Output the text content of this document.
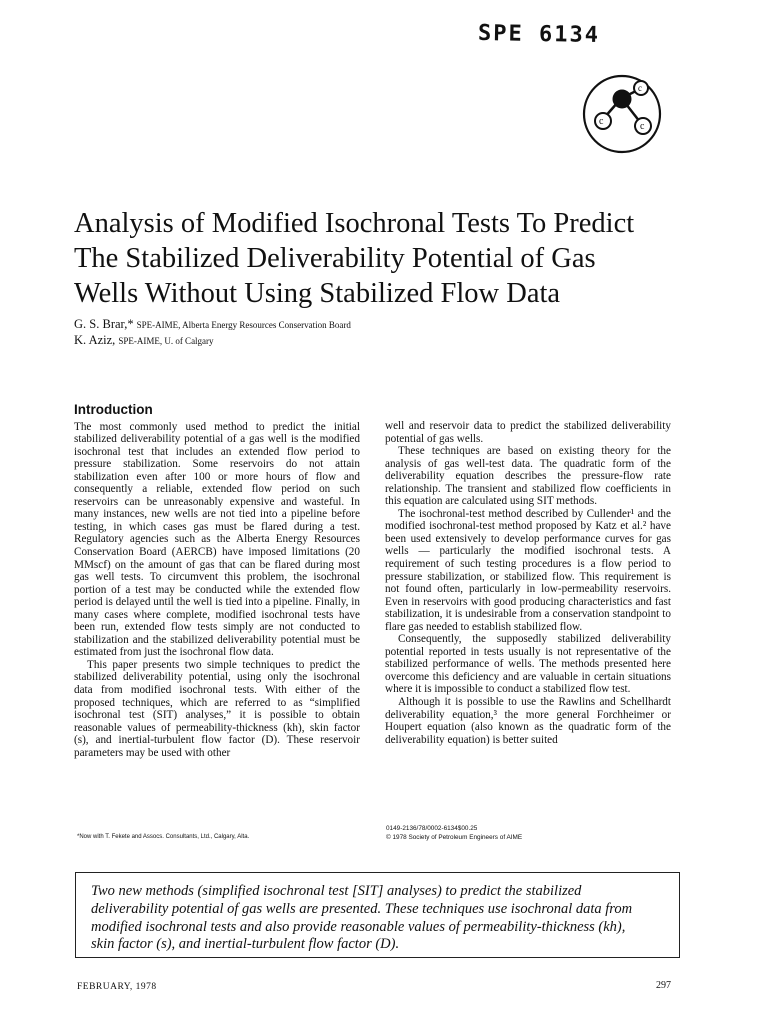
SPE 6134
c
c	c
Analysis of Modified Isochronal Tests To Predict
The Stabilized Deliverability Potential of Gas
Wells Without Using Stabilized Flow Data
G. S. Brar,* SPE-AIME, Alberta Energy Resources Conservation Board
K. Aziz, SPE-AIME, U. of Calgary
Introduction

The most commonly used method to predict the initial stabilized deliverability potential of a gas well is the modified isochronal test that includes an extended flow period to pressure stabilization. Some reservoirs do not attain stabilization even after 100 or more hours of flow and consequently a reliable, extended flow period on such reservoirs can be unreasonably expensive and wasteful. In many instances, new wells are not tied into a pipeline before testing, in which cases gas must be flared during a test. Regulatory agencies such as the Alberta Energy Resources Conservation Board (AERCB) have imposed limitations (20 MMscf) on the amount of gas that can be flared during most gas well tests. To circumvent this problem, the isochronal portion of a test may be conducted while the extended flow period is delayed until the well is tied into a pipeline. Finally, in many cases where complete, modified isochronal tests have been run, extended flow tests simply are not conducted to stabilization and the stabilized deliverability potential must be estimated from just the isochronal flow data.

This paper presents two simple techniques to predict the stabilized deliverability potential, using only the isochronal data from modified isochronal tests. With either of the proposed techniques, which are referred to as “simplified isochronal test (SIT) analyses,” it is possible to obtain reasonable values of permeability-thickness (kh), skin factor (s), and inertial-turbulent flow factor (D). These reservoir parameters may be used with other

well and reservoir data to predict the stabilized deliverability potential of gas wells.

These techniques are based on existing theory for the analysis of gas well-test data. The quadratic form of the deliverability equation describes the pressure-flow rate relationship. The transient and stabilized flow coefficients in this equation are calculated using SIT methods.

The isochronal-test method described by Cullender¹ and the modified isochronal-test method proposed by Katz et al.² have been used extensively to develop performance curves for gas wells — particularly the modified isochronal tests. A requirement of such testing procedures is a flow period to pressure stabilization, or stabilized flow. This requirement is not found often, particularly in low-permeability reservoirs. Even in reservoirs with good producing characteristics and fast stabilization, it is undesirable from a conservation standpoint to flare gas needed to establish stabilized flow.

Consequently, the supposedly stabilized deliverability potential reported in tests usually is not representative of the stabilized performance of wells. The methods presented here overcome this deficiency and are valuable in certain situations where it is impossible to conduct a stabilized flow test.

Although it is possible to use the Rawlins and Schellhardt deliverability equation,³ the more general Forchheimer or Houpert equation (also known as the quadratic form of the deliverability equation) is better suited

*Now with T. Fekete and Assocs. Consultants, Ltd., Calgary, Alta.
0149-2136/78/0002-6134$00.25
© 1978 Society of Petroleum Engineers of AIME
Two new methods (simplified isochronal test [SIT] analyses) to predict the stabilized
deliverability potential of gas wells are presented. These techniques use isochronal data from
modified isochronal tests and also provide reasonable values of permeability-thickness (kh),
skin factor (s), and inertial-turbulent flow factor (D).
FEBRUARY, 1978	297
